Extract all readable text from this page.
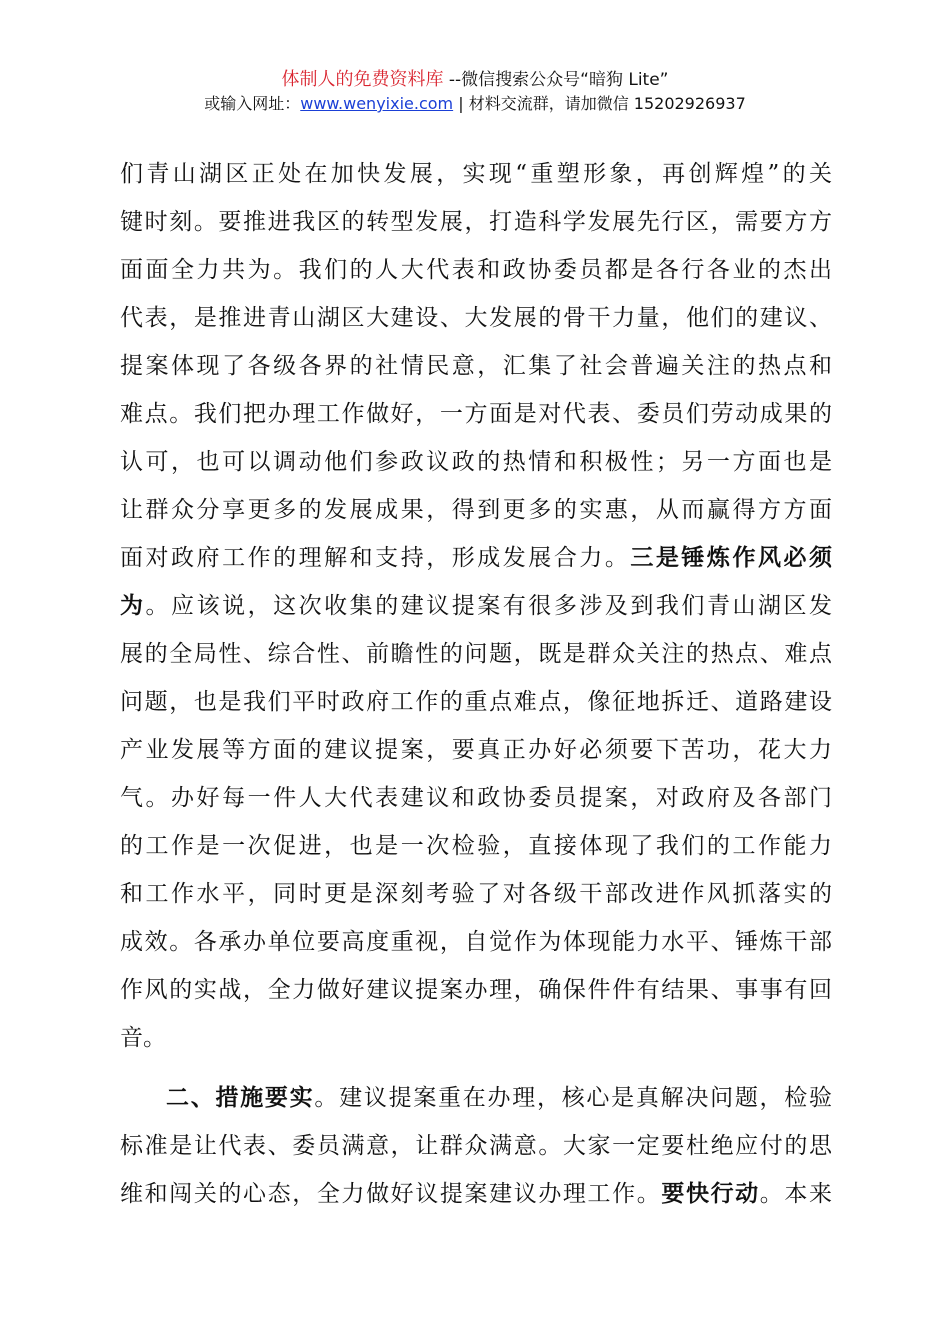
体制人的免费资料库 --微信搜索公众号“暗狗 Lite”
或输入网址：www.wenyixie.com | 材料交流群，请加微信 15202926937
们青山湖区正处在加快发展，实现“重塑形象，再创辉煌”的关
键时刻。要推进我区的转型发展，打造科学发展先行区，需要方方
面面全力共为。我们的人大代表和政协委员都是各行各业的杰出
代表，是推进青山湖区大建设、大发展的骨干力量，他们的建议、
提案体现了各级各界的社情民意，汇集了社会普遍关注的热点和
难点。我们把办理工作做好，一方面是对代表、委员们劳动成果的
认可，也可以调动他们参政议政的热情和积极性；另一方面也是
让群众分享更多的发展成果，得到更多的实惠，从而赢得方方面
面对政府工作的理解和支持，形成发展合力。三是锤炼作风必须
为。应该说，这次收集的建议提案有很多涉及到我们青山湖区发
展的全局性、综合性、前瞻性的问题，既是群众关注的热点、难点
问题，也是我们平时政府工作的重点难点，像征地拆迁、道路建设
产业发展等方面的建议提案，要真正办好必须要下苦功，花大力
气。办好每一件人大代表建议和政协委员提案，对政府及各部门
的工作是一次促进，也是一次检验，直接体现了我们的工作能力
和工作水平，同时更是深刻考验了对各级干部改进作风抓落实的
成效。各承办单位要高度重视，自觉作为体现能力水平、锤炼干部
作风的实战，全力做好建议提案办理，确保件件有结果、事事有回
音。
二、措施要实。建议提案重在办理，核心是真解决问题，检验
标准是让代表、委员满意，让群众满意。大家一定要杜绝应付的思
维和闯关的心态，全力做好议提案建议办理工作。要快行动。本来
